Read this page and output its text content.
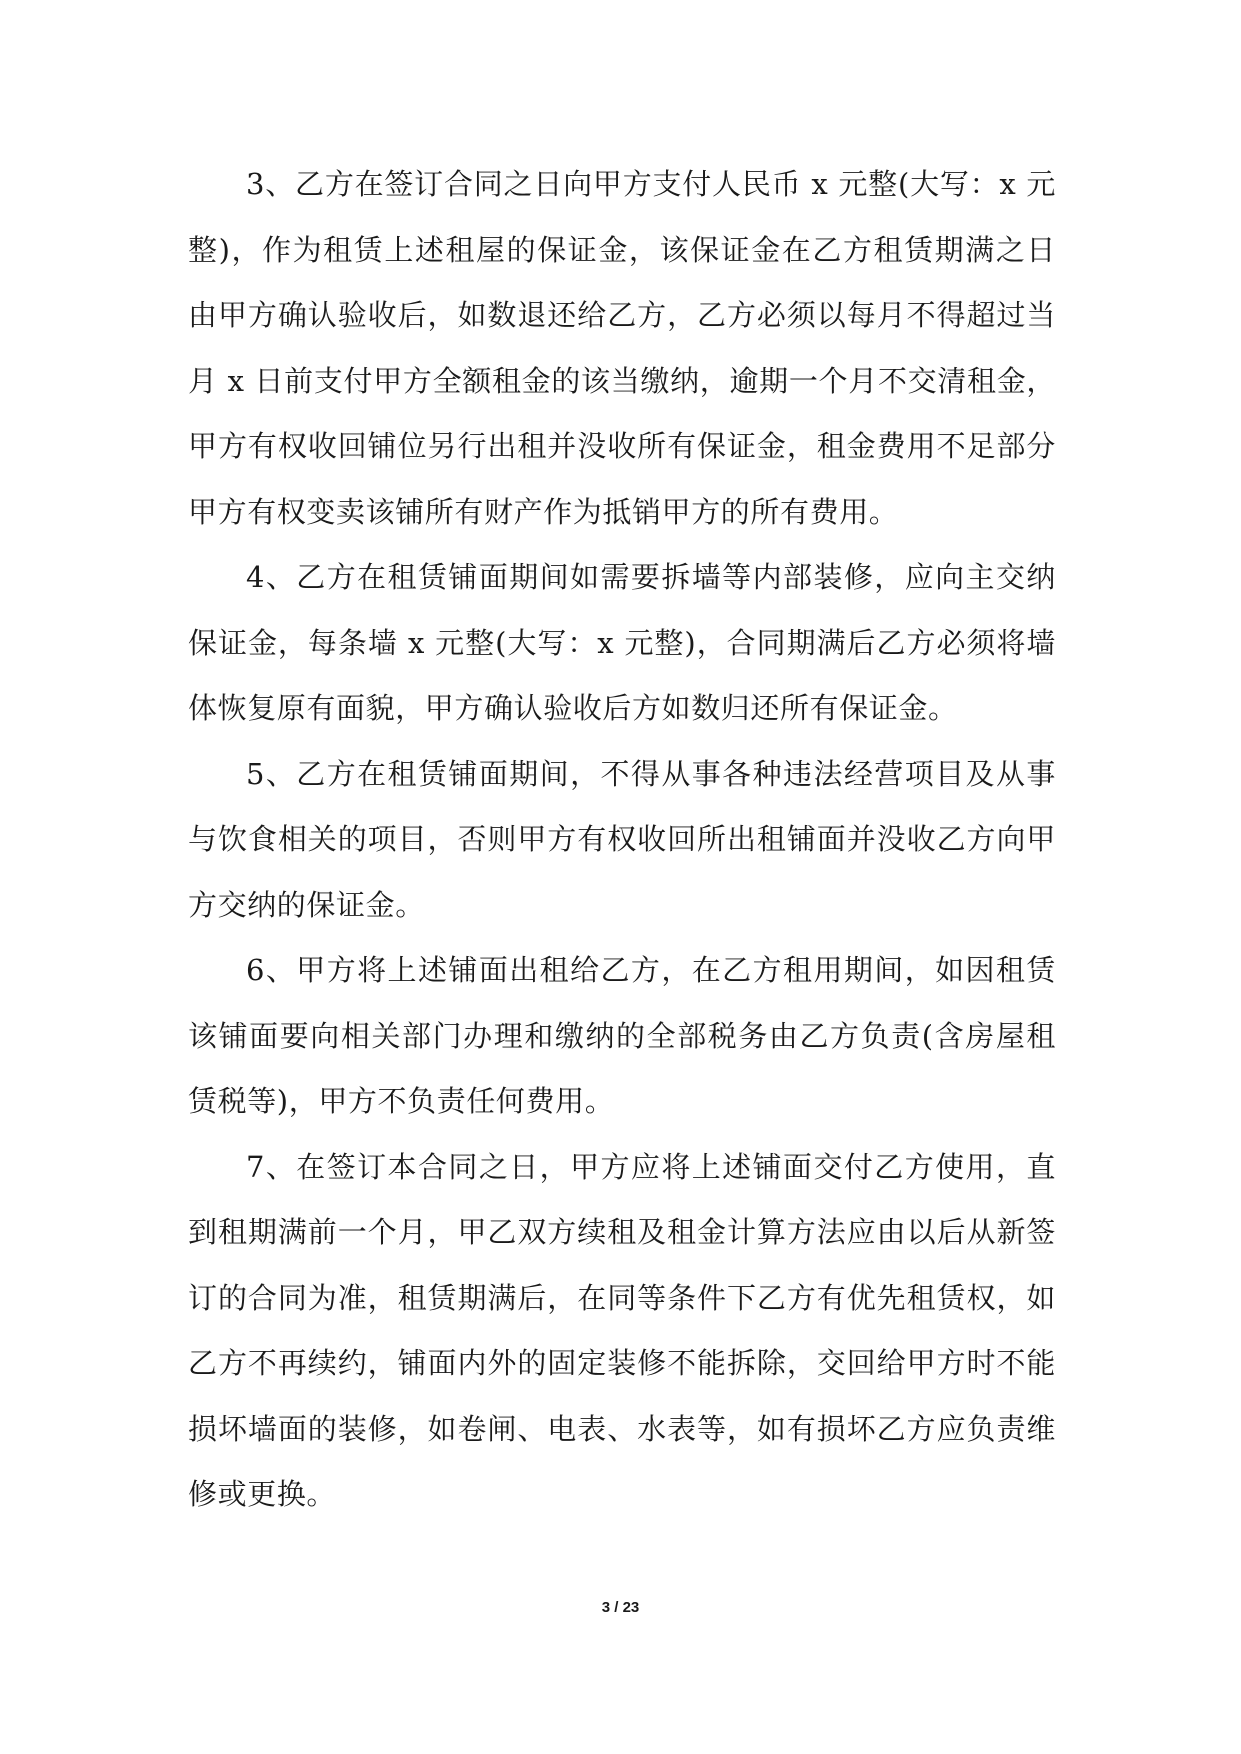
3、乙方在签订合同之日向甲方支付人民币 x 元整(大写：x 元整)，作为租赁上述租屋的保证金，该保证金在乙方租赁期满之日由甲方确认验收后，如数退还给乙方，乙方必须以每月不得超过当月 x 日前支付甲方全额租金的该当缴纳，逾期一个月不交清租金，甲方有权收回铺位另行出租并没收所有保证金，租金费用不足部分甲方有权变卖该铺所有财产作为抵销甲方的所有费用。

4、乙方在租赁铺面期间如需要拆墙等内部装修，应向主交纳保证金，每条墙 x 元整(大写：x 元整)，合同期满后乙方必须将墙体恢复原有面貌，甲方确认验收后方如数归还所有保证金。

5、乙方在租赁铺面期间，不得从事各种违法经营项目及从事与饮食相关的项目，否则甲方有权收回所出租铺面并没收乙方向甲方交纳的保证金。

6、甲方将上述铺面出租给乙方，在乙方租用期间，如因租赁该铺面要向相关部门办理和缴纳的全部税务由乙方负责(含房屋租赁税等)，甲方不负责任何费用。

7、在签订本合同之日，甲方应将上述铺面交付乙方使用，直到租期满前一个月，甲乙双方续租及租金计算方法应由以后从新签订的合同为准，租赁期满后，在同等条件下乙方有优先租赁权，如乙方不再续约，铺面内外的固定装修不能拆除，交回给甲方时不能损坏墙面的装修，如卷闸、电表、水表等，如有损坏乙方应负责维修或更换。

3 / 23
